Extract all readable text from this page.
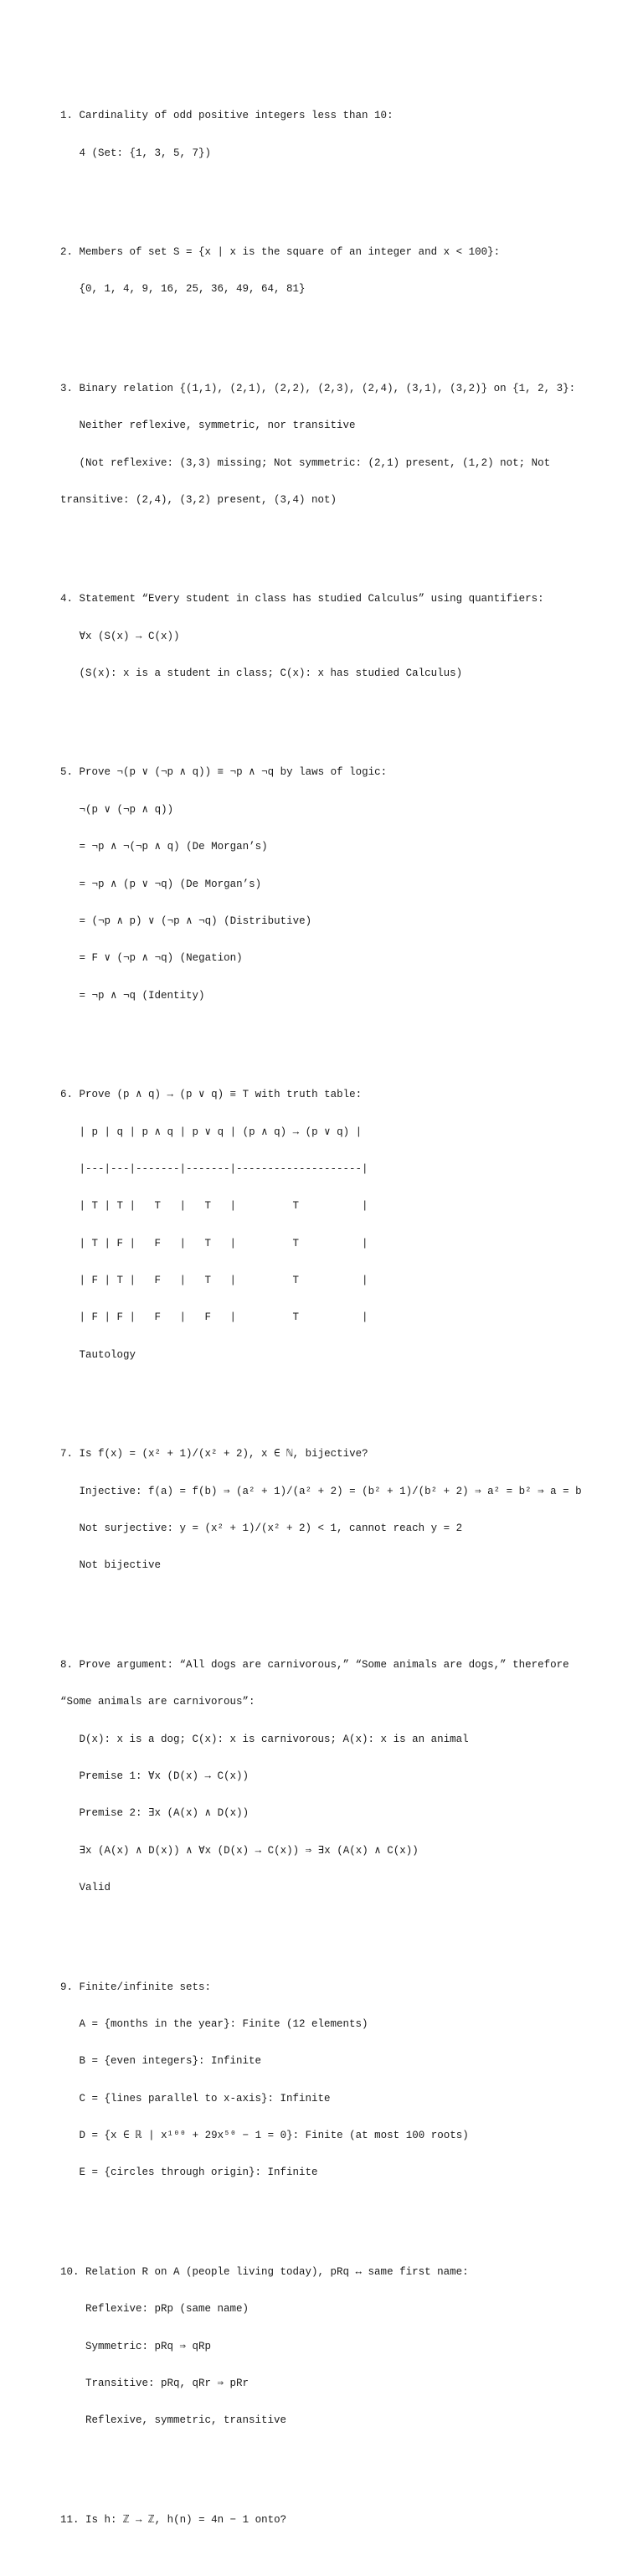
1. Cardinality of odd positive integers less than 10:

4 (Set: {1, 3, 5, 7})

2. Members of set S = {x | x is the square of an integer and x < 100}:

{0, 1, 4, 9, 16, 25, 36, 49, 64, 81}

3. Binary relation {(1,1), (2,1), (2,2), (2,3), (2,4), (3,1), (3,2)} on {1, 2, 3}:

Neither reflexive, symmetric, nor transitive

(Not reflexive: (3,3) missing; Not symmetric: (2,1) present, (1,2) not; Not

transitive: (2,4), (3,2) present, (3,4) not)

4. Statement “Every student in class has studied Calculus” using quantifiers:

∀x (S(x) → C(x))

(S(x): x is a student in class; C(x): x has studied Calculus)

5. Prove ¬(p ∨ (¬p ∧ q)) ≡ ¬p ∧ ¬q by laws of logic:

¬(p ∨ (¬p ∧ q))

= ¬p ∧ ¬(¬p ∧ q) (De Morgan’s)

= ¬p ∧ (p ∨ ¬q) (De Morgan’s)

= (¬p ∧ p) ∨ (¬p ∧ ¬q) (Distributive)

= F ∨ (¬p ∧ ¬q) (Negation)

= ¬p ∧ ¬q (Identity)

6. Prove (p ∧ q) → (p ∨ q) ≡ T with truth table:

| p | q | p ∧ q | p ∨ q | (p ∧ q) → (p ∨ q) |

|---|---|-------|-------|--------------------|

| T | T |   T   |   T   |         T          |

| T | F |   F   |   T   |         T          |

| F | T |   F   |   T   |         T          |

| F | F |   F   |   F   |         T          |

Tautology

7. Is f(x) = (x² + 1)/(x² + 2), x ∈ ℕ, bijective?

Injective: f(a) = f(b) ⇒ (a² + 1)/(a² + 2) = (b² + 1)/(b² + 2) ⇒ a² = b² ⇒ a = b

Not surjective: y = (x² + 1)/(x² + 2) < 1, cannot reach y = 2

Not bijective

8. Prove argument: “All dogs are carnivorous,” “Some animals are dogs,” therefore

“Some animals are carnivorous”:

D(x): x is a dog; C(x): x is carnivorous; A(x): x is an animal

Premise 1: ∀x (D(x) → C(x))

Premise 2: ∃x (A(x) ∧ D(x))

∃x (A(x) ∧ D(x)) ∧ ∀x (D(x) → C(x)) ⇒ ∃x (A(x) ∧ C(x))

Valid

9. Finite/infinite sets:

A = {months in the year}: Finite (12 elements)

B = {even integers}: Infinite

C = {lines parallel to x-axis}: Infinite

D = {x ∈ ℝ | x¹⁰⁰ + 29x⁵⁰ − 1 = 0}: Finite (at most 100 roots)

E = {circles through origin}: Infinite

10. Relation R on A (people living today), pRq ↔ same first name:

Reflexive: pRp (same name)

Symmetric: pRq ⇒ qRp

Transitive: pRq, qRr ⇒ pRr

Reflexive, symmetric, transitive

11. Is h: ℤ → ℤ, h(n) = 4n − 1 onto?
